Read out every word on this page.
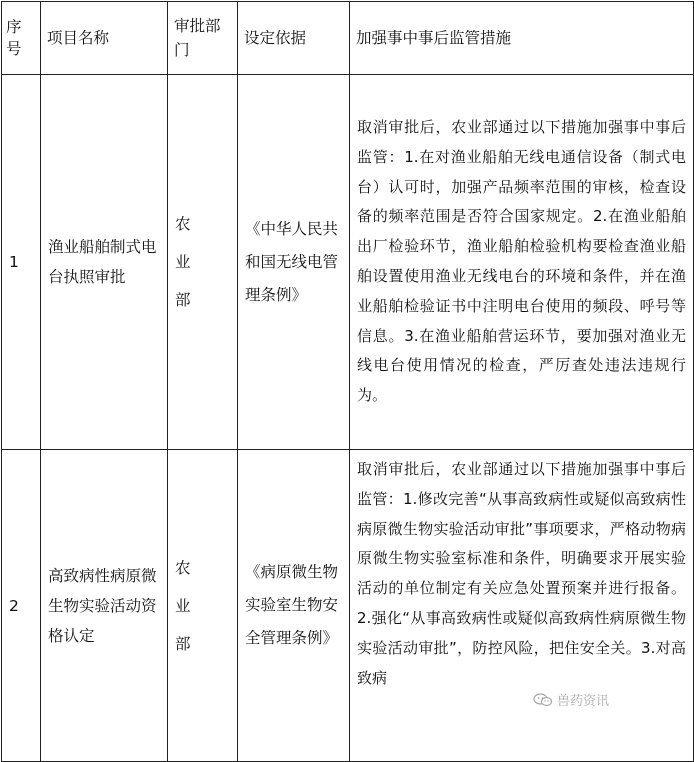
序号	项目名称	审批部门	设定依据	加强事中事后监管措施
1	渔业船舶制式电台执照审批	农业部	《中华人民共和国无线电管理条例》	取消审批后，农业部通过以下措施加强事中事后监管：1.在对渔业船舶无线电通信设备（制式电台）认可时，加强产品频率范围的审核，检查设备的频率范围是否符合国家规定。2.在渔业船舶出厂检验环节，渔业船舶检验机构要检查渔业船舶设置使用渔业无线电台的环境和条件，并在渔业船舶检验证书中注明电台使用的频段、呼号等信息。3.在渔业船舶营运环节，要加强对渔业无线电台使用情况的检查，严厉查处违法违规行为。
2	高致病性病原微生物实验活动资格认定	农业部	《病原微生物实验室生物安全管理条例》	取消审批后，农业部通过以下措施加强事中事后监管：1.修改完善“从事高致病性或疑似高致病性病原微生物实验活动审批”事项要求，严格动物病原微生物实验室标准和条件，明确要求开展实验活动的单位制定有关应急处置预案并进行报备。2.强化“从事高致病性或疑似高致病性病原微生物实验活动审批”，防控风险，把住安全关。3.对高致病
兽药资讯
